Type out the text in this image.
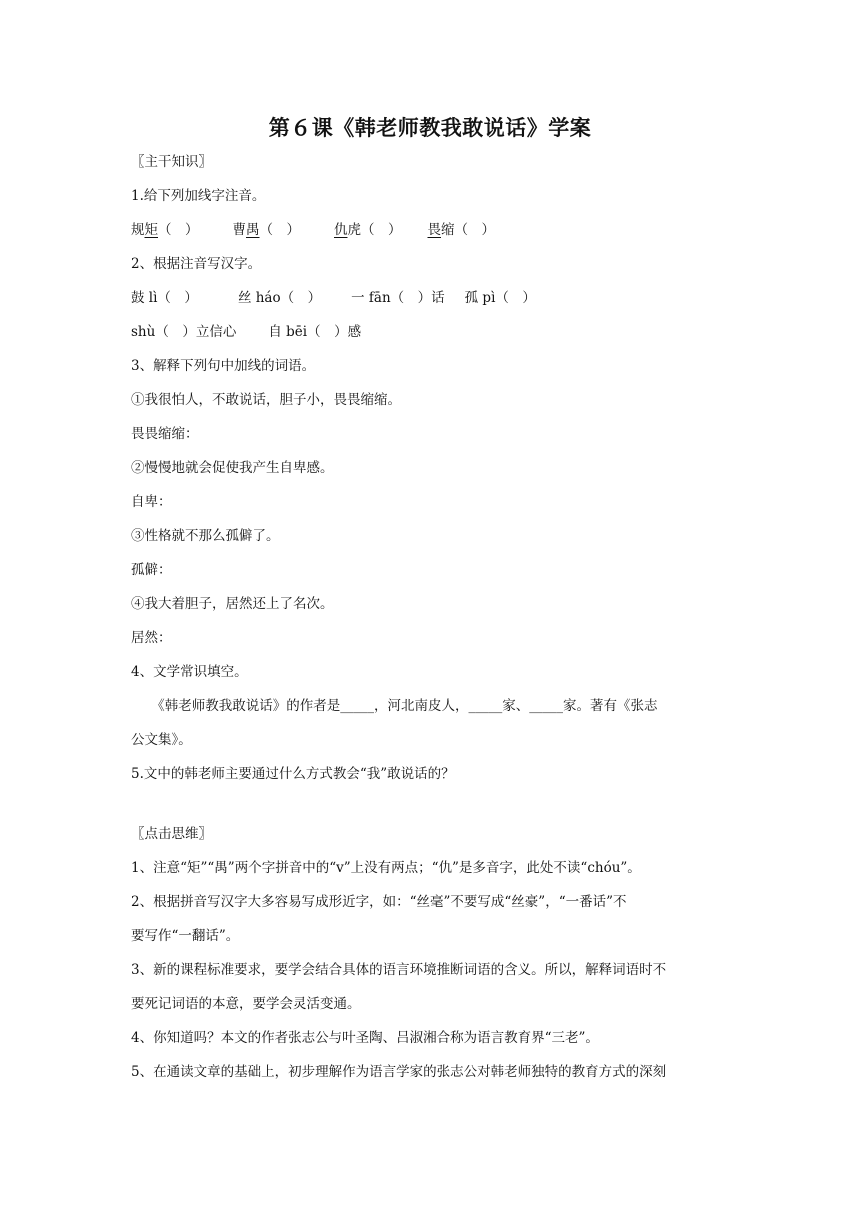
第６课《韩老师教我敢说话》学案
〖主干知识〗
1.给下列加线字注音。
规矩（　）	曹禺（　）	仇虎（　） 畏缩（　）
2、根据注音写汉字。
鼓 lì（　）	丝 háo（　） 一 fān（　）话 孤 pì（　）
shù（　）立信心 自 bēi（　）感
3、解释下列句中加线的词语。
①我很怕人，不敢说话，胆子小，畏畏缩缩。
畏畏缩缩：
②慢慢地就会促使我产生自卑感。
自卑：
③性格就不那么孤僻了。
孤僻：
④我大着胆子，居然还上了名次。
居然：
4、文学常识填空。
　　《韩老师教我敢说话》的作者是_____，河北南皮人，_____家、_____家。著有《张志
公文集》。
5.文中的韩老师主要通过什么方式教会“我”敢说话的？
〖点击思维〗
1、注意“矩”“禺”两个字拼音中的“v”上没有两点；“仇”是多音字，此处不读“chóu”。
2、根据拼音写汉字大多容易写成形近字，如：“丝毫”不要写成“丝豪”，“一番话”不
要写作“一翻话”。
3、新的课程标准要求，要学会结合具体的语言环境推断词语的含义。所以，解释词语时不
要死记词语的本意，要学会灵活变通。
4、你知道吗？本文的作者张志公与叶圣陶、吕淑湘合称为语言教育界“三老”。
5、在通读文章的基础上，初步理解作为语言学家的张志公对韩老师独特的教育方式的深刻
